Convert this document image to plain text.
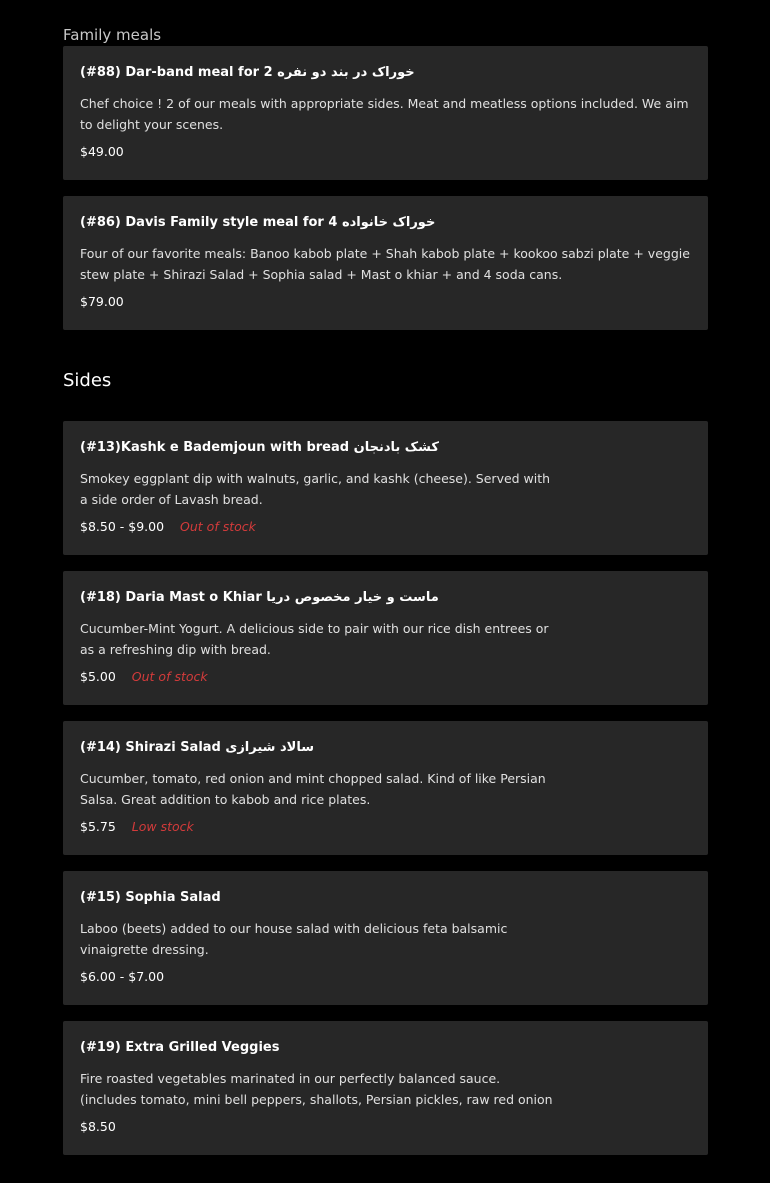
Family meals
(#88) Dar-band meal for 2 خوراک در بند دو نفره
Chef choice ! 2 of our meals with appropriate sides. Meat and meatless options included. We aim to delight your scenes.
$49.00
(#86) Davis Family style meal for 4 خوراک خانواده
Four of our favorite meals: Banoo kabob plate + Shah kabob plate + kookoo sabzi plate + veggie stew plate + Shirazi Salad + Sophia salad + Mast o khiar + and 4 soda cans.
$79.00
Sides
(#13)Kashk e Bademjoun with bread کشک بادنجان
Smokey eggplant dip with walnuts, garlic, and kashk (cheese). Served with a side order of Lavash bread.
$8.50 - $9.00 Out of stock
(#18) Daria Mast o Khiar ماست و خیار مخصوص دریا
Cucumber-Mint Yogurt. A delicious side to pair with our rice dish entrees or as a refreshing dip with bread.
$5.00 Out of stock
(#14) Shirazi Salad سالاد شیرازی
Cucumber, tomato, red onion and mint chopped salad. Kind of like Persian Salsa. Great addition to kabob and rice plates.
$5.75 Low stock
(#15) Sophia Salad
Laboo (beets) added to our house salad with delicious feta balsamic vinaigrette dressing.
$6.00 - $7.00
(#19) Extra Grilled Veggies
Fire roasted vegetables marinated in our perfectly balanced sauce. (includes tomato, mini bell peppers, shallots, Persian pickles, raw red onion
$8.50
